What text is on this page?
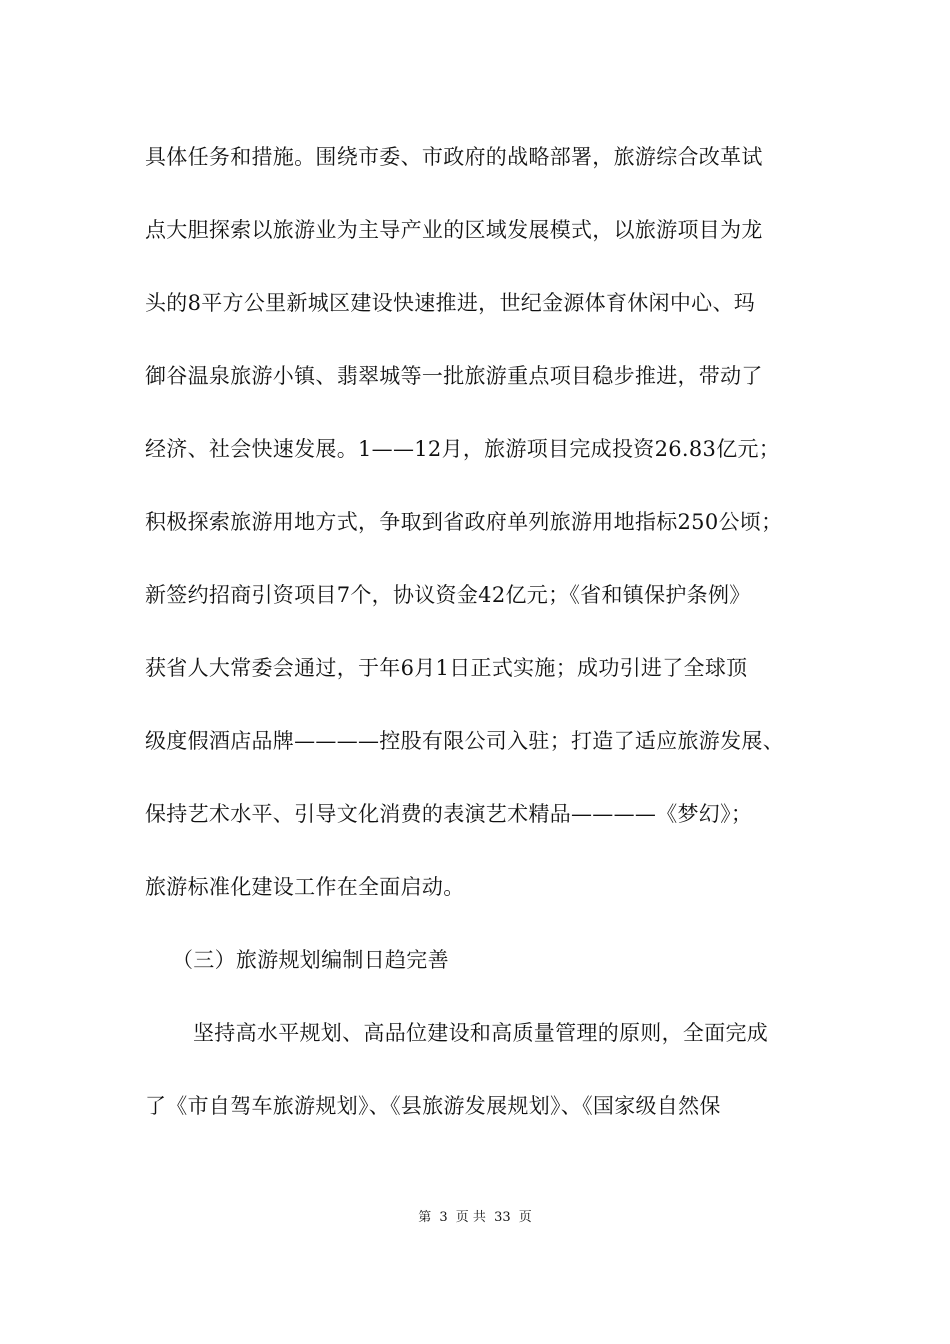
具体任务和措施。围绕市委、市政府的战略部署，旅游综合改革试
点大胆探索以旅游业为主导产业的区域发展模式，以旅游项目为龙
头的8平方公里新城区建设快速推进，世纪金源体育休闲中心、玛
御谷温泉旅游小镇、翡翠城等一批旅游重点项目稳步推进，带动了
经济、社会快速发展。1——12月，旅游项目完成投资26.83亿元；
积极探索旅游用地方式，争取到省政府单列旅游用地指标250公顷；
新签约招商引资项目7个，协议资金42亿元；《省和镇保护条例》
获省人大常委会通过，于年6月1日正式实施；成功引进了全球顶
级度假酒店品牌————控股有限公司入驻；打造了适应旅游发展、
保持艺术水平、引导文化消费的表演艺术精品————《梦幻》；
旅游标准化建设工作在全面启动。
（三）旅游规划编制日趋完善
坚持高水平规划、高品位建设和高质量管理的原则，全面完成
了《市自驾车旅游规划》、《县旅游发展规划》、《国家级自然保
第 3 页 共 33 页
